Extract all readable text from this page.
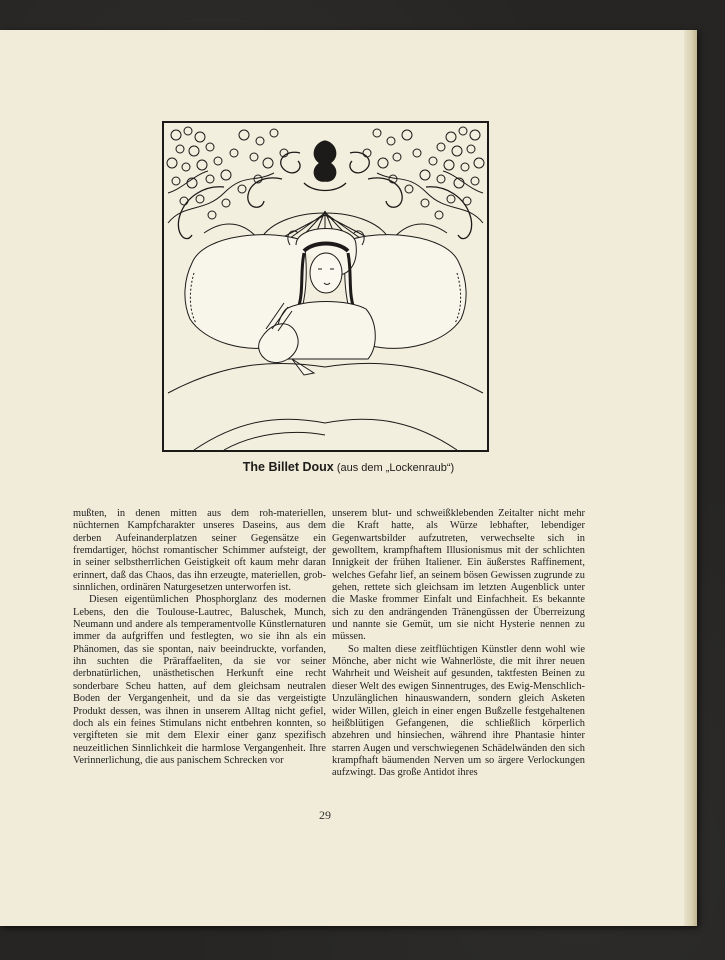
The Billet Doux (aus dem „Lockenraub“)

mußten, in denen mitten aus dem roh-materiellen, nüchternen Kampfcharakter unseres Daseins, aus dem derben Aufeinanderplatzen seiner Gegensätze ein fremdartiger, höchst romantischer Schimmer aufsteigt, der in seiner selbstherrlichen Geistigkeit oft kaum mehr daran erinnert, daß das Chaos, das ihn erzeugte, materiellen, grob-sinnlichen, ordinären Naturgesetzen unterworfen ist.

Diesen eigentümlichen Phosphorglanz des modernen Lebens, den die Toulouse-Lautrec, Baluschek, Munch, Neumann und andere als temperamentvolle Künstlernaturen immer da aufgriffen und festlegten, wo sie ihn als ein Phänomen, das sie spontan, naiv beeindruckte, vorfanden, ihn suchten die Präraffaeliten, da sie vor seiner derbnatürlichen, unästhetischen Herkunft eine recht sonderbare Scheu hatten, auf dem gleichsam neutralen Boden der Vergangenheit, und da sie das vergeistigte Produkt dessen, was ihnen in unserem Alltag nicht gefiel, doch als ein feines Stimulans nicht entbehren konnten, so vergifteten sie mit dem Elexir einer ganz spezifisch neuzeitlichen Sinnlichkeit die harmlose Vergangenheit. Ihre Verinnerlichung, die aus panischem Schrecken vor

unserem blut- und schweißklebenden Zeitalter nicht mehr die Kraft hatte, als Würze lebhafter, lebendiger Gegenwartsbilder aufzutreten, verwechselte sich in gewolltem, krampfhaftem Illusionismus mit der schlichten Innigkeit der frühen Italiener. Ein äußerstes Raffinement, welches Gefahr lief, an seinem bösen Gewissen zugrunde zu gehen, rettete sich gleichsam im letzten Augenblick unter die Maske frommer Einfalt und Einfachheit. Es bekannte sich zu den andrängenden Tränengüssen der Überreizung und nannte sie Gemüt, um sie nicht Hysterie nennen zu müssen.

So malten diese zeitflüchtigen Künstler denn wohl wie Mönche, aber nicht wie Wahnerlöste, die mit ihrer neuen Wahrheit und Weisheit auf gesunden, taktfesten Beinen zu dieser Welt des ewigen Sinnentruges, des Ewig-Menschlich-Unzulänglichen hinauswandern, sondern gleich Asketen wider Willen, gleich in einer engen Bußzelle festgehaltenen heißblütigen Gefangenen, die schließlich körperlich abzehren und hinsiechen, während ihre Phantasie hinter starren Augen und verschwiegenen Schädelwänden den sich krampfhaft bäumenden Nerven um so ärgere Verlockungen aufzwingt. Das große Antidot ihres

29
